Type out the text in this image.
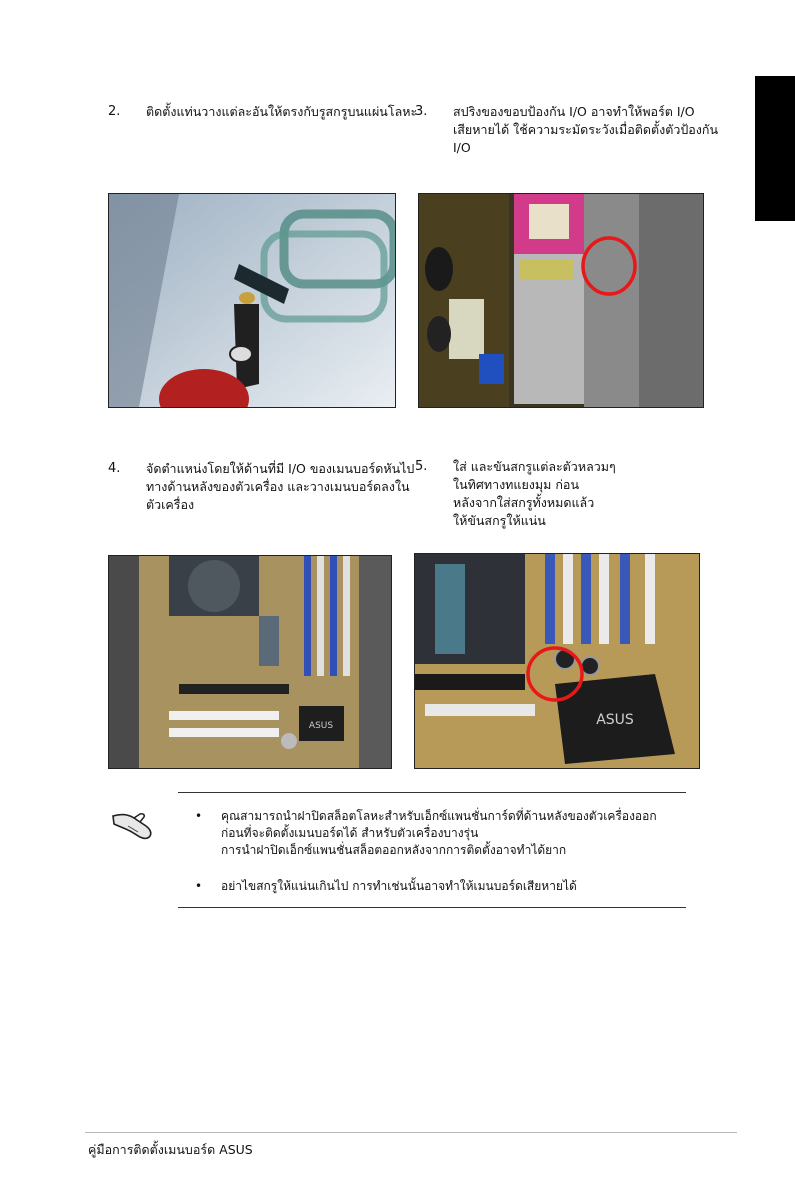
2. ติดตั้งแท่นวางแต่ละอันให้ตรงกับรูสกรูบนแผ่นโลหะ
3. สปริงของขอบป้องกัน I/O อาจทำให้พอร์ต I/O
เสียหายได้ ใช้ความระมัดระวังเมื่อติดตั้งตัวป้องกัน
I/O
4. จัดตำแหน่งโดยให้ด้านที่มี I/O ของเมนบอร์ดหันไป
ทางด้านหลังของตัวเครื่อง และวางเมนบอร์ดลงใน
ตัวเครื่อง
5. ใส่ และขันสกรูแต่ละตัวหลวมๆ
ในทิศทางทแยงมุม ก่อน
หลังจากใส่สกรูทั้งหมดแล้ว
ให้ขันสกรูให้แน่น
ASUS	ASUS
• คุณสามารถนำฝาปิดสล็อตโลหะสำหรับเอ็กซ์แพนชั่นการ์ดที่ด้านหลังของตัวเครื่องออก
ก่อนที่จะติดตั้งเมนบอร์ดได้ สำหรับตัวเครื่องบางรุ่น
การนำฝาปิดเอ็กซ์แพนชั่นสล็อตออกหลังจากการติดตั้งอาจทำได้ยาก
• อย่าไขสกรูให้แน่นเกินไป การทำเช่นนั้นอาจทำให้เมนบอร์ดเสียหายได้
คู่มือการติดตั้งเมนบอร์ด ASUS
